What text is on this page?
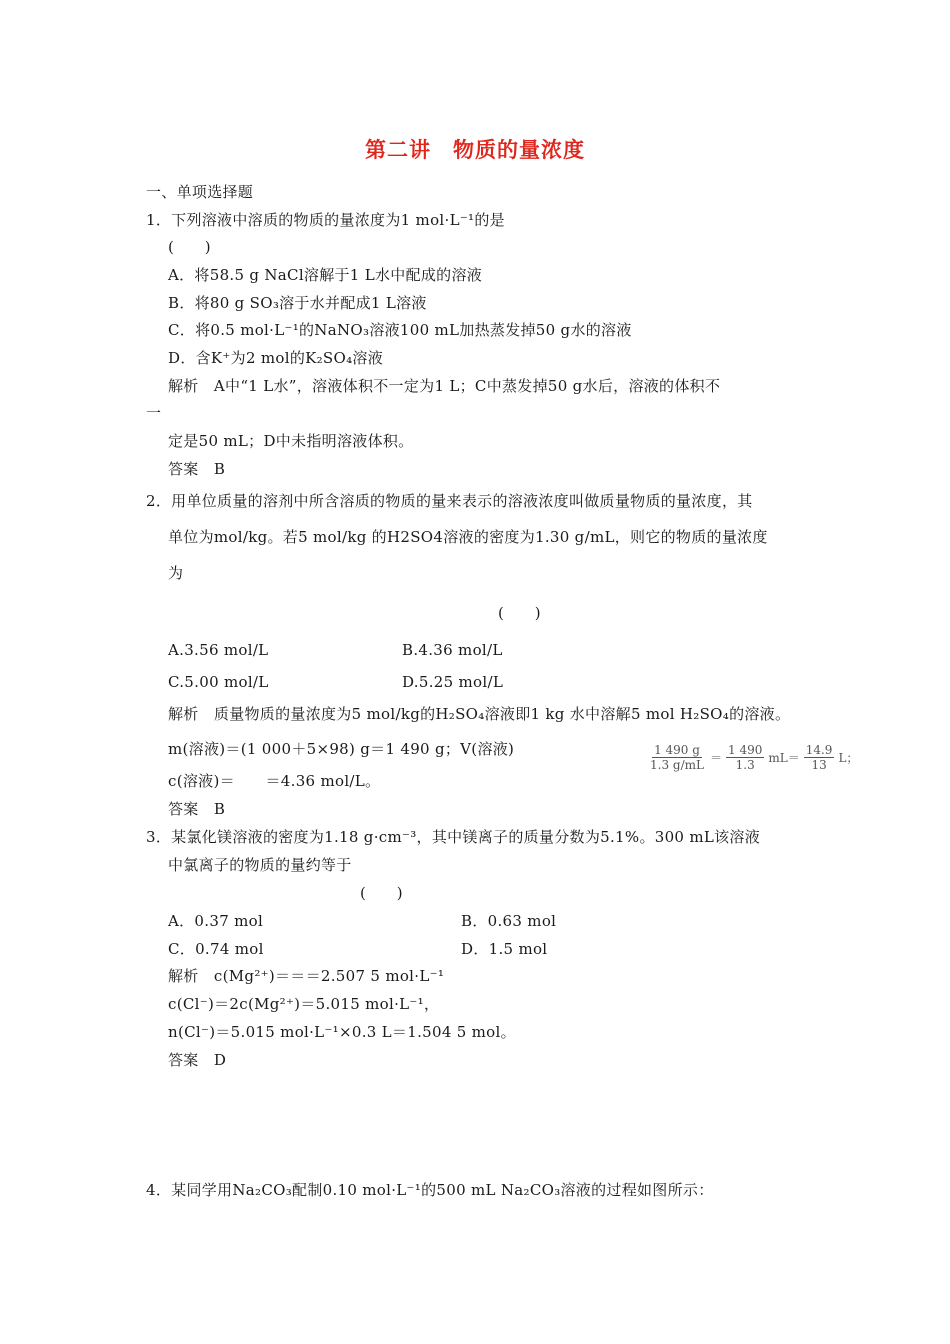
第二讲　物质的量浓度
一、单项选择题
1．下列溶液中溶质的物质的量浓度为1 mol·L⁻¹的是
(　　)
A．将58.5 g NaCl溶解于1 L水中配成的溶液
B．将80 g SO₃溶于水并配成1 L溶液
C．将0.5 mol·L⁻¹的NaNO₃溶液100 mL加热蒸发掉50 g水的溶液
D．含K⁺为2 mol的K₂SO₄溶液
解析　A中“1 L水”，溶液体积不一定为1 L；C中蒸发掉50 g水后，溶液的体积不
一
定是50 mL；D中未指明溶液体积。
答案　B
2．用单位质量的溶剂中所含溶质的物质的量来表示的溶液浓度叫做质量物质的量浓度，其
单位为mol/kg。若5 mol/kg 的H2SO4溶液的密度为1.30 g/mL，则它的物质的量浓度
为
(　　)
A.3.56 mol/L	B.4.36 mol/L
C.5.00 mol/L	D.5.25 mol/L
解析　质量物质的量浓度为5 mol/kg的H₂SO₄溶液即1 kg 水中溶解5 mol H₂SO₄的溶液。
m(溶液)＝(1 000＋5×98) g＝1 490 g；V(溶液)	$\frac{1 490 g}{1.3 g/mL} = \frac{1 490}{1.3} mL= \frac{14.9}{13}$ L；
c(溶液)＝　　＝4.36 mol/L。
答案　B
3．某氯化镁溶液的密度为1.18 g·cm⁻³，其中镁离子的质量分数为5.1%。300 mL该溶液
中氯离子的物质的量约等于
(　　)
A．0.37 mol	B．0.63 mol
C．0.74 mol	D．1.5 mol
解析　c(Mg²⁺)＝＝＝2.507 5 mol·L⁻¹
c(Cl⁻)＝2c(Mg²⁺)＝5.015 mol·L⁻¹，
n(Cl⁻)＝5.015 mol·L⁻¹×0.3 L＝1.504 5 mol。
答案　D
4．某同学用Na₂CO₃配制0.10 mol·L⁻¹的500 mL Na₂CO₃溶液的过程如图所示：
